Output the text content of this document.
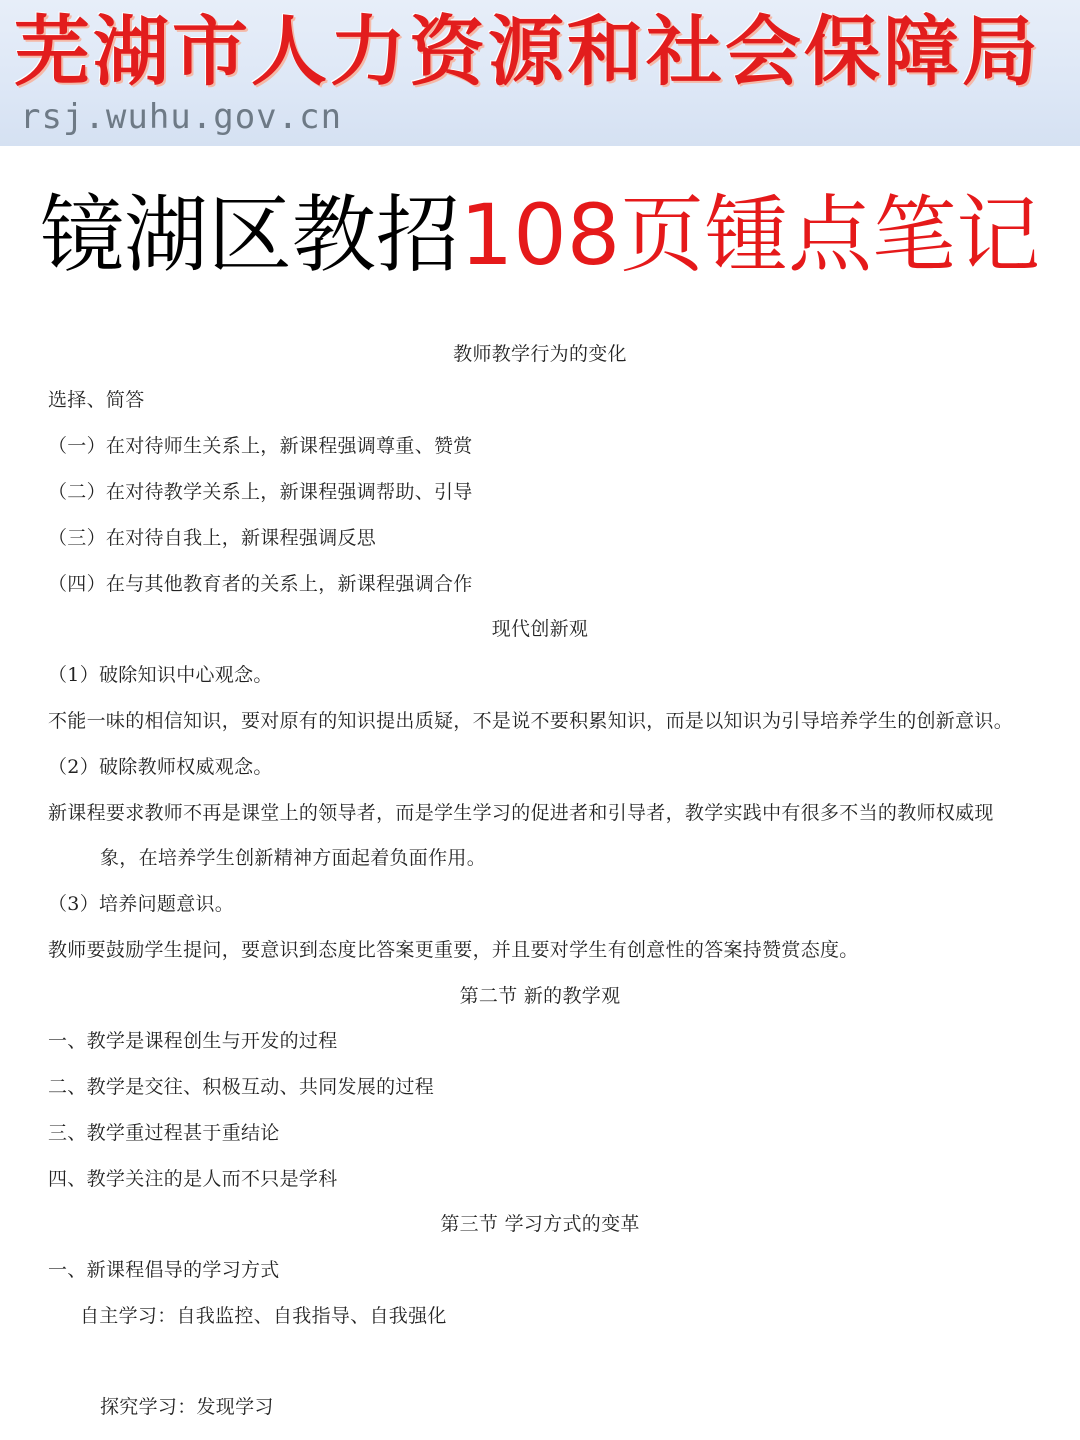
芜湖市人力资源和社会保障局
rsj.wuhu.gov.cn
镜湖区教招108页锺点笔记
教师教学行为的变化
选择、简答
（一）在对待师生关系上，新课程强调尊重、赞赏
（二）在对待教学关系上，新课程强调帮助、引导
（三）在对待自我上，新课程强调反思
（四）在与其他教育者的关系上，新课程强调合作
现代创新观
（1）破除知识中心观念。
不能一味的相信知识，要对原有的知识提出质疑，不是说不要积累知识，而是以知识为引导培养学生的创新意识。
（2）破除教师权威观念。
新课程要求教师不再是课堂上的领导者，而是学生学习的促进者和引导者，教学实践中有很多不当的教师权威现
象，在培养学生创新精神方面起着负面作用。
（3）培养问题意识。
教师要鼓励学生提问，要意识到态度比答案更重要，并且要对学生有创意性的答案持赞赏态度。
第二节 新的教学观
一、教学是课程创生与开发的过程
二、教学是交往、积极互动、共同发展的过程
三、教学重过程甚于重结论
四、教学关注的是人而不只是学科
第三节 学习方式的变革
一、新课程倡导的学习方式
自主学习：自我监控、自我指导、自我强化
探究学习：发现学习
